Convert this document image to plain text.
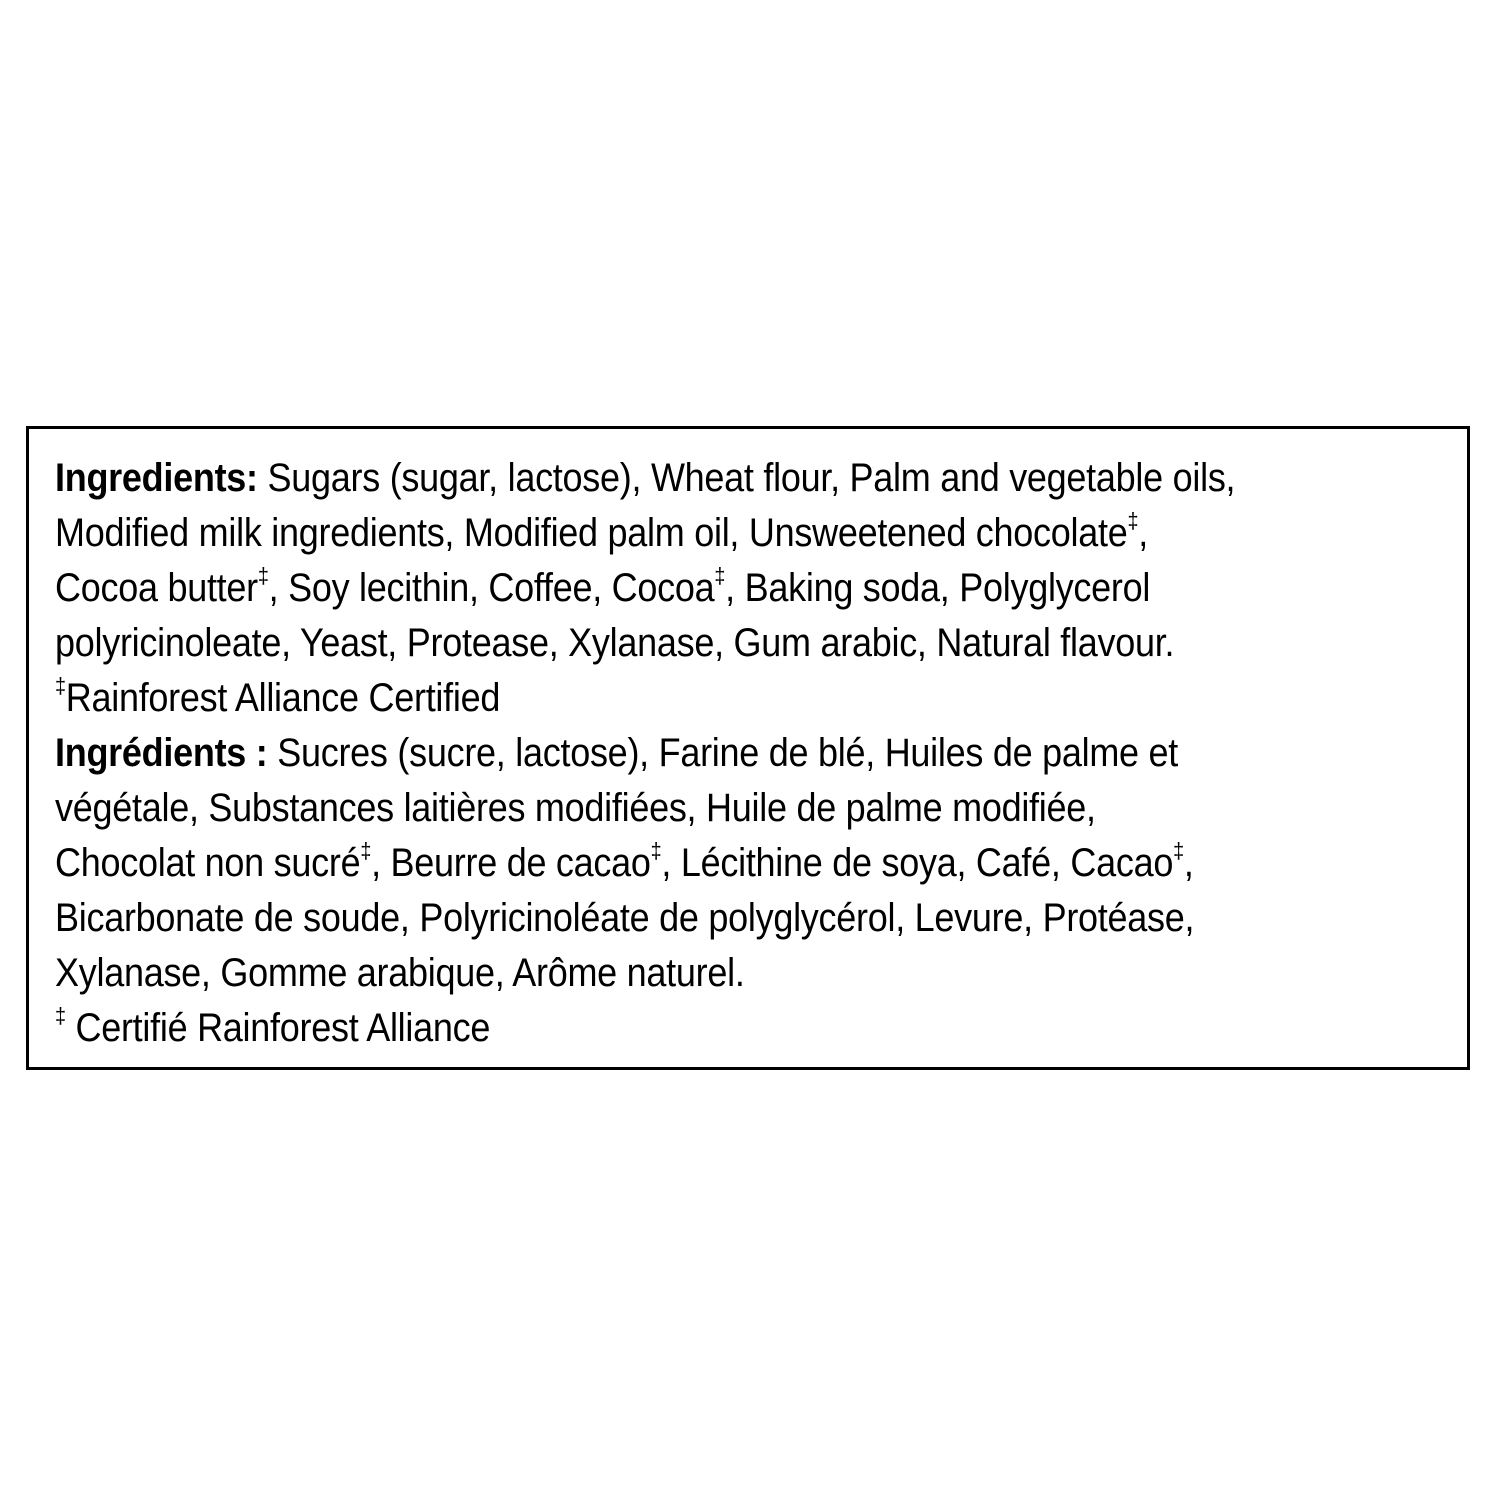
Ingredients: Sugars (sugar, lactose), Wheat flour, Palm and vegetable oils,
Modified milk ingredients, Modified palm oil, Unsweetened chocolate‡,
Cocoa butter‡, Soy lecithin, Coffee, Cocoa‡, Baking soda, Polyglycerol
polyricinoleate, Yeast, Protease, Xylanase, Gum arabic, Natural flavour.
‡Rainforest Alliance Certified
Ingrédients : Sucres (sucre, lactose), Farine de blé, Huiles de palme et
végétale, Substances laitières modifiées, Huile de palme modifiée,
Chocolat non sucré‡, Beurre de cacao‡, Lécithine de soya, Café, Cacao‡,
Bicarbonate de soude, Polyricinoléate de polyglycérol, Levure, Protéase,
Xylanase, Gomme arabique, Arôme naturel.
‡ Certifié Rainforest Alliance
